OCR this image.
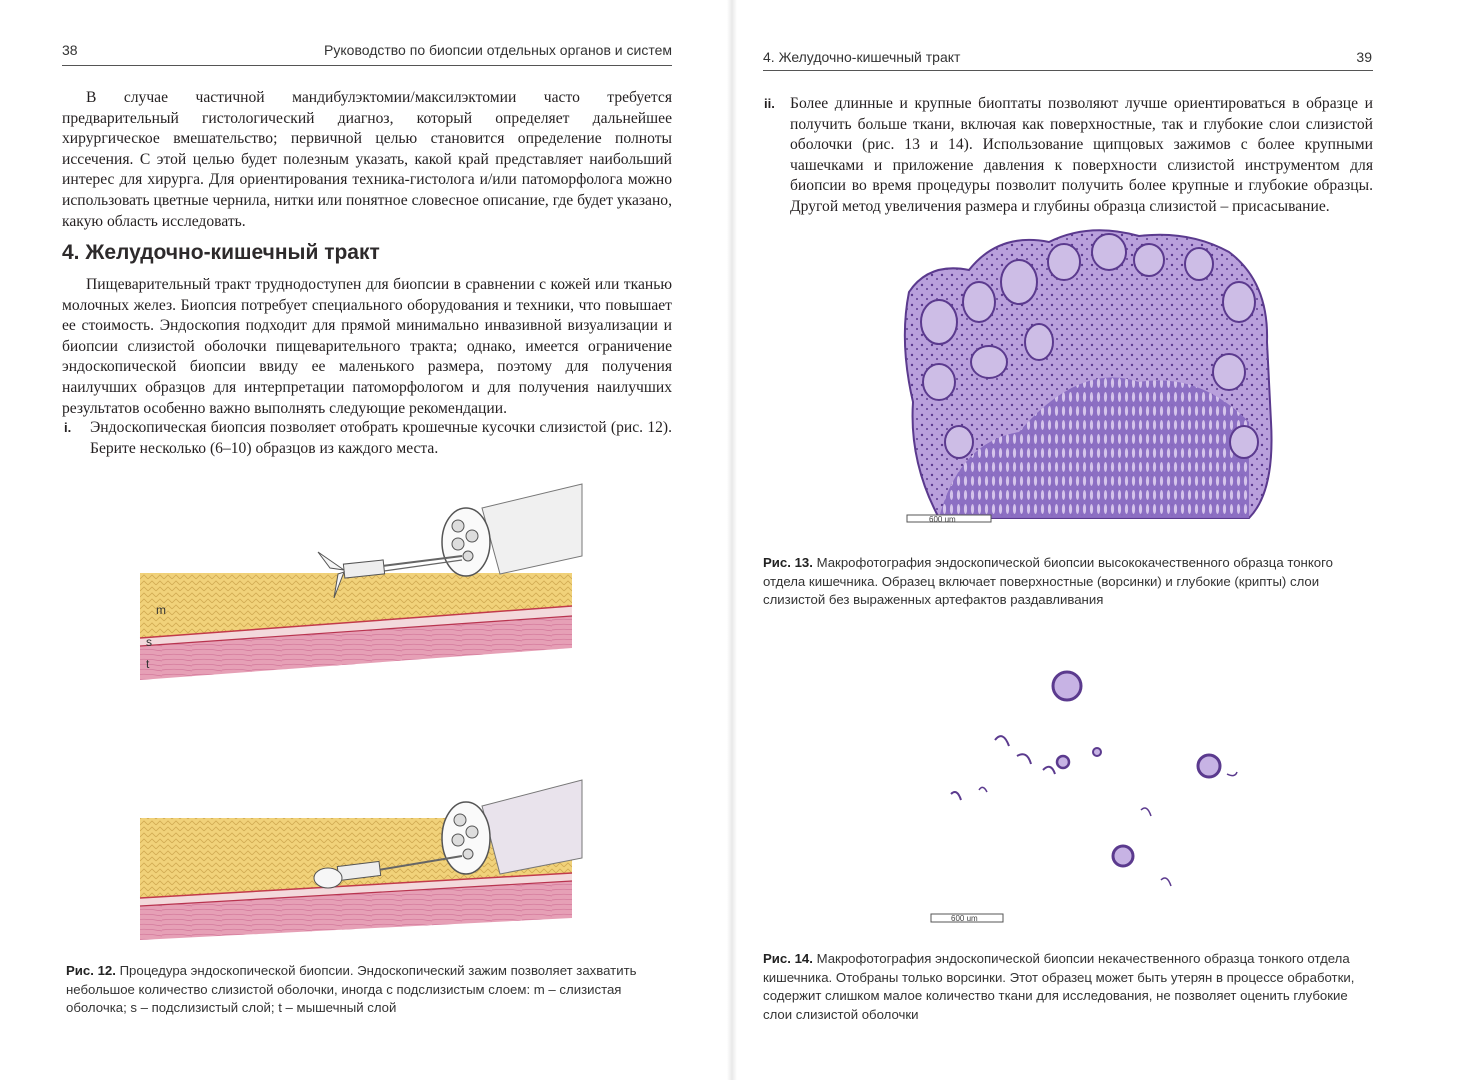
38	Руководство по биопсии отдельных органов и систем

В случае частичной мандибулэктомии/максилэктомии часто требуется предварительный гистологический диагноз, который определяет дальнейшее хирургическое вмешательство; первичной целью становится определение полноты иссечения. С этой целью будет полезным указать, какой край представляет наибольший интерес для хирурга. Для ориентирования техника-гистолога и/или патоморфолога можно использовать цветные чернила, нитки или понятное словесное описание, где будет указано, какую область исследовать.

4. Желудочно-кишечный тракт

Пищеварительный тракт труднодоступен для биопсии в сравнении с кожей или тканью молочных желез. Биопсия потребует специального оборудования и техники, что повышает ее стоимость. Эндоскопия подходит для прямой минимально инвазивной визуализации и биопсии слизистой оболочки пищеварительного тракта; однако, имеется ограничение эндоскопической биопсии ввиду ее маленького размера, поэтому для получения наилучших образцов для интерпретации патоморфологом и для получения наилучших результатов особенно важно выполнять следующие рекомендации.

i. Эндоскопическая биопсия позволяет отобрать крошечные кусочки слизистой (рис. 12). Берите несколько (6–10) образцов из каждого места.
m
s
t
Рис. 12. Процедура эндоскопической биопсии. Эндоскопический зажим позволяет захватить небольшое количество слизистой оболочки, иногда с подслизистым слоем: m – слизистая оболочка; s – подслизистый слой; t – мышечный слой
4. Желудочно-кишечный тракт	39
ii. Более длинные и крупные биоптаты позволяют лучше ориентироваться в образце и получить больше ткани, включая как поверхностные, так и глубокие слои слизистой оболочки (рис. 13 и 14). Использование щипцовых зажимов с более крупными чашечками и приложение давления к поверхности слизистой инструментом для биопсии во время процедуры позволит получить более крупные и глубокие образцы. Другой метод увеличения размера и глубины образца слизистой – присасывание.
600 um
Рис. 13. Макрофотография эндоскопической биопсии высококачественного образца тонкого отдела кишечника. Образец включает поверхностные (ворсинки) и глубокие (крипты) слои слизистой без выраженных артефактов раздавливания
600 um
Рис. 14. Макрофотография эндоскопической биопсии некачественного образца тонкого отдела кишечника. Отобраны только ворсинки. Этот образец может быть утерян в процессе обработки, содержит слишком малое количество ткани для исследования, не позволяет оценить глубокие слои слизистой оболочки
